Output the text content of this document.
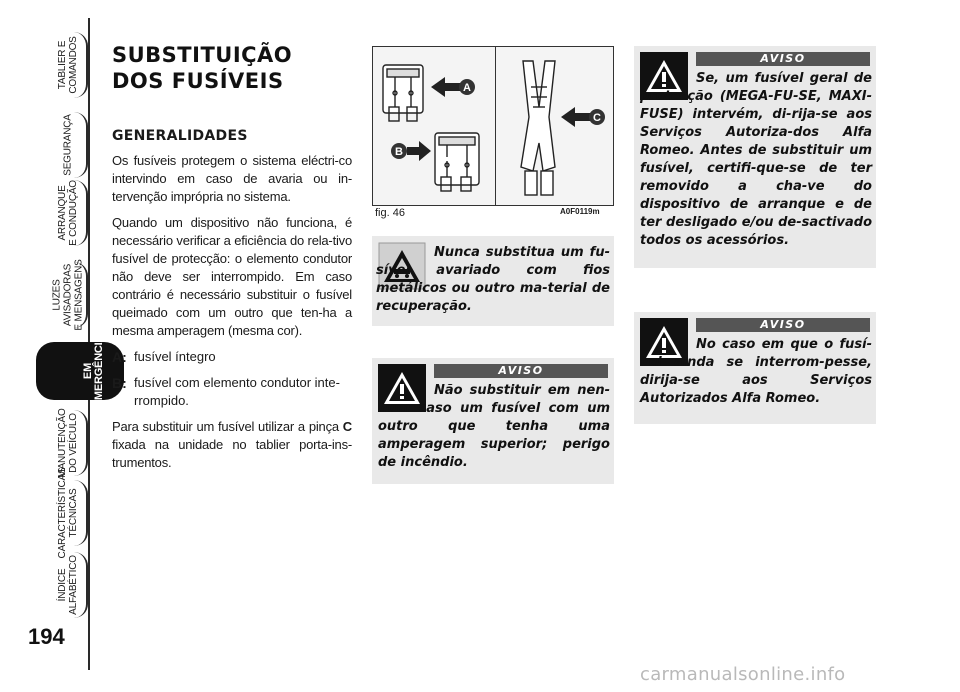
TABLIER E
COMANDOS
SEGURANÇA
ARRANQUE
E CONDUÇÃO
LUZES
AVISADORAS
E MENSAGENS
EM
EMERGÊNCIA
MANUTENÇÃO
DO VEÍCULO
CARACTERÍSTICAS
TÉCNICAS
ÍNDICE
ALFABÉTICO
194
SUBSTITUIÇÃO
DOS FUSÍVEIS
GENERALIDADES

Os fusíveis protegem o sistema eléctri-co intervindo em caso de avaria ou in-tervenção imprópria no sistema.

Quando um dispositivo não funciona, é necessário verificar a eficiência do rela-tivo fusível de protecção: o elemento condutor não deve ser interrompido. Em caso contrário é necessário substituir o fusível queimado com um outro que ten-ha a mesma amperagem (mesma cor).

A: fusível íntegro
B: fusível com elemento condutor inte-rrompido.

Para substituir um fusível utilizar a pinça C fixada na unidade no tablier porta-ins-trumentos.

A
B
C
fig. 46	A0F0119m
Nunca substitua um fu-sível avariado com fios metálicos ou outro ma-terial de recuperação.
AVISO
Não substituir em nen-hum caso um fusível com um outro que tenha uma amperagem superior; perigo de incêndio.
AVISO
Se, um fusível geral de protecção (MEGA-FU-SE, MAXI-FUSE) intervém, di-rija-se aos Serviços Autoriza-dos Alfa Romeo. Antes de substituir um fusível, certifi-que-se de ter removido a cha-ve do dispositivo de arranque e de ter desligado e/ou de-sactivado todos os acessórios.
AVISO
No caso em que o fusí-vel ainda se interrom-pesse, dirija-se aos Serviços Autorizados Alfa Romeo.
carmanualsonline.info
